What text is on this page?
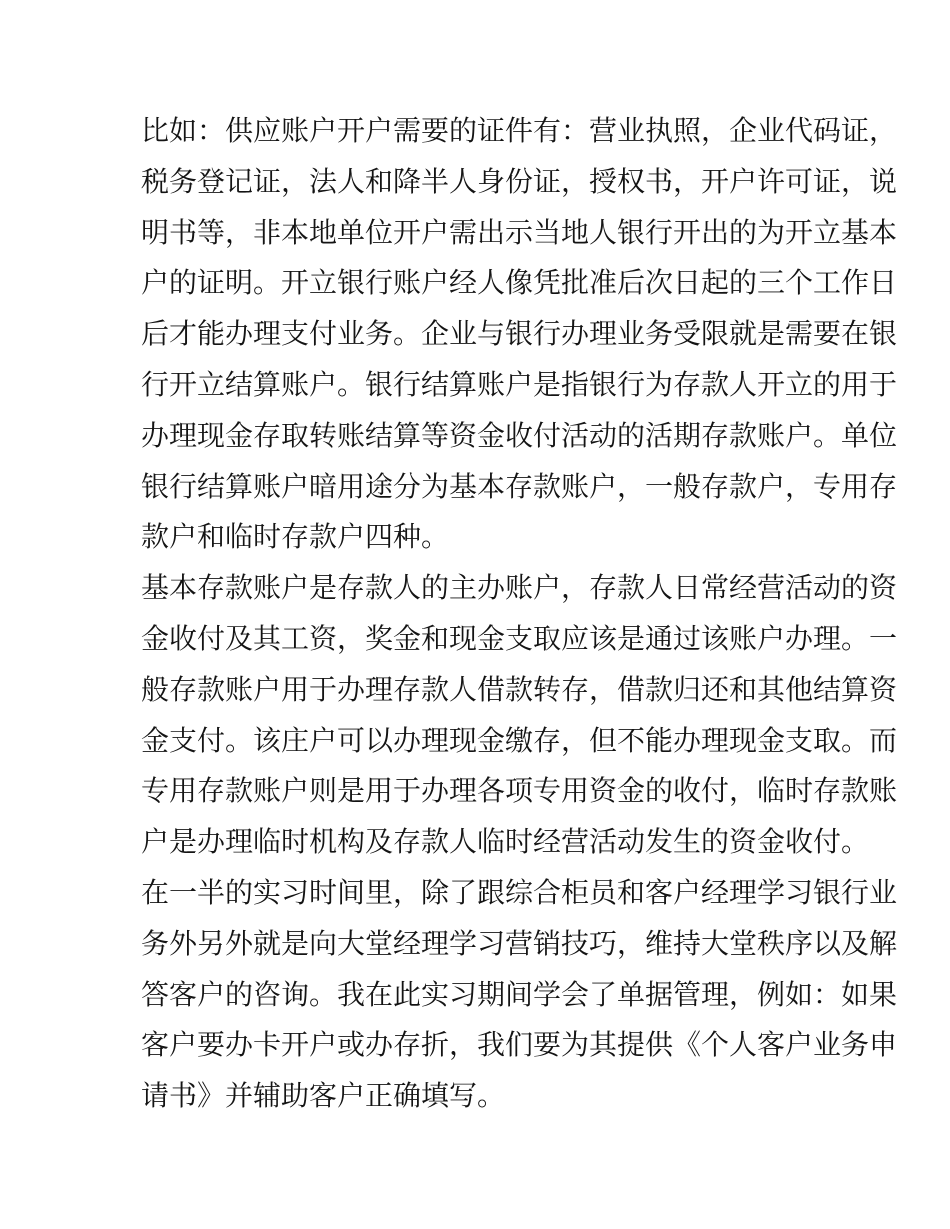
比如：供应账户开户需要的证件有：营业执照，企业代码证，
税务登记证，法人和降半人身份证，授权书，开户许可证，说
明书等，非本地单位开户需出示当地人银行开出的为开立基本
户的证明。开立银行账户经人像凭批准后次日起的三个工作日
后才能办理支付业务。企业与银行办理业务受限就是需要在银
行开立结算账户。银行结算账户是指银行为存款人开立的用于
办理现金存取转账结算等资金收付活动的活期存款账户。单位
银行结算账户暗用途分为基本存款账户，一般存款户，专用存
款户和临时存款户四种。
基本存款账户是存款人的主办账户，存款人日常经营活动的资
金收付及其工资，奖金和现金支取应该是通过该账户办理。一
般存款账户用于办理存款人借款转存，借款归还和其他结算资
金支付。该庄户可以办理现金缴存，但不能办理现金支取。而
专用存款账户则是用于办理各项专用资金的收付，临时存款账
户是办理临时机构及存款人临时经营活动发生的资金收付。
在一半的实习时间里，除了跟综合柜员和客户经理学习银行业
务外另外就是向大堂经理学习营销技巧，维持大堂秩序以及解
答客户的咨询。我在此实习期间学会了单据管理，例如：如果
客户要办卡开户或办存折，我们要为其提供《个人客户业务申
请书》并辅助客户正确填写。
